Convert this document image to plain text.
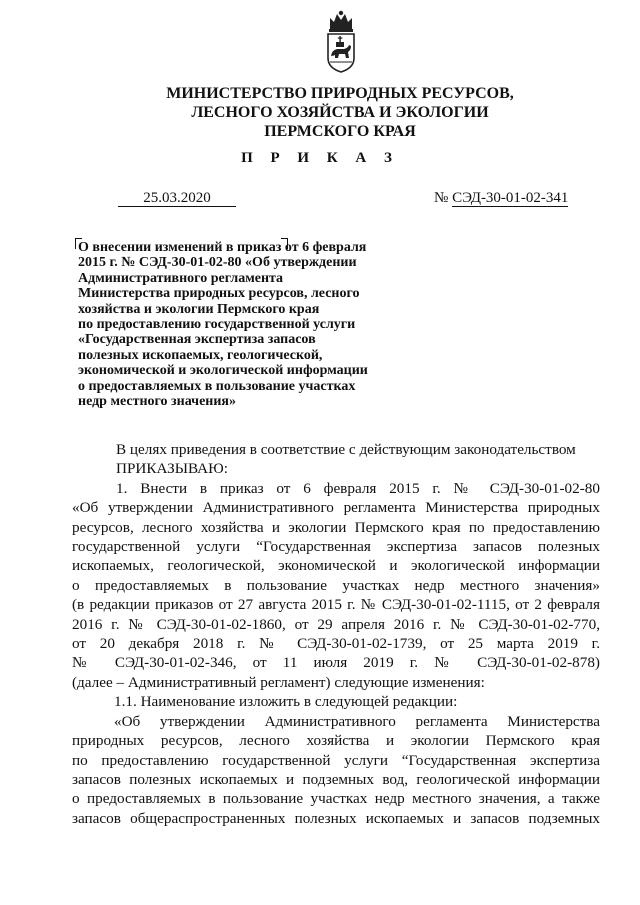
МИНИСТЕРСТВО ПРИРОДНЫХ РЕСУРСОВ,
ЛЕСНОГО ХОЗЯЙСТВА И ЭКОЛОГИИ
ПЕРМСКОГО КРАЯ
П Р И К А З
25.03.2020	№ СЭД-30-01-02-341
О внесении изменений в приказ от 6 февраля
2015 г. № СЭД-30-01-02-80 «Об утверждении
Административного регламента
Министерства природных ресурсов, лесного
хозяйства и экологии Пермского края
по предоставлению государственной услуги
«Государственная экспертиза запасов
полезных ископаемых, геологической,
экономической и экологической информации
о предоставляемых в пользование участках
недр местного значения»
В целях приведения в соответствие с действующим законодательством
ПРИКАЗЫВАЮ:
1. Внести в приказ от 6 февраля 2015 г. № СЭД-30-01-02-80
«Об утверждении Административного регламента Министерства природных
ресурсов, лесного хозяйства и экологии Пермского края по предоставлению
государственной услуги “Государственная экспертиза запасов полезных
ископаемых, геологической, экономической и экологической информации
о предоставляемых в пользование участках недр местного значения»
(в редакции приказов от 27 августа 2015 г. № СЭД-30-01-02-1115, от 2 февраля
2016 г. № СЭД-30-01-02-1860, от 29 апреля 2016 г. № СЭД-30-01-02-770,
от 20 декабря 2018 г. № СЭД-30-01-02-1739, от 25 марта 2019 г.
№ СЭД-30-01-02-346, от 11 июля 2019 г. № СЭД-30-01-02-878)
(далее – Административный регламент) следующие изменения:
1.1. Наименование изложить в следующей редакции:
«Об утверждении Административного регламента Министерства
природных ресурсов, лесного хозяйства и экологии Пермского края
по предоставлению государственной услуги “Государственная экспертиза
запасов полезных ископаемых и подземных вод, геологической информации
о предоставляемых в пользование участках недр местного значения, а также
запасов общераспространенных полезных ископаемых и запасов подземных
